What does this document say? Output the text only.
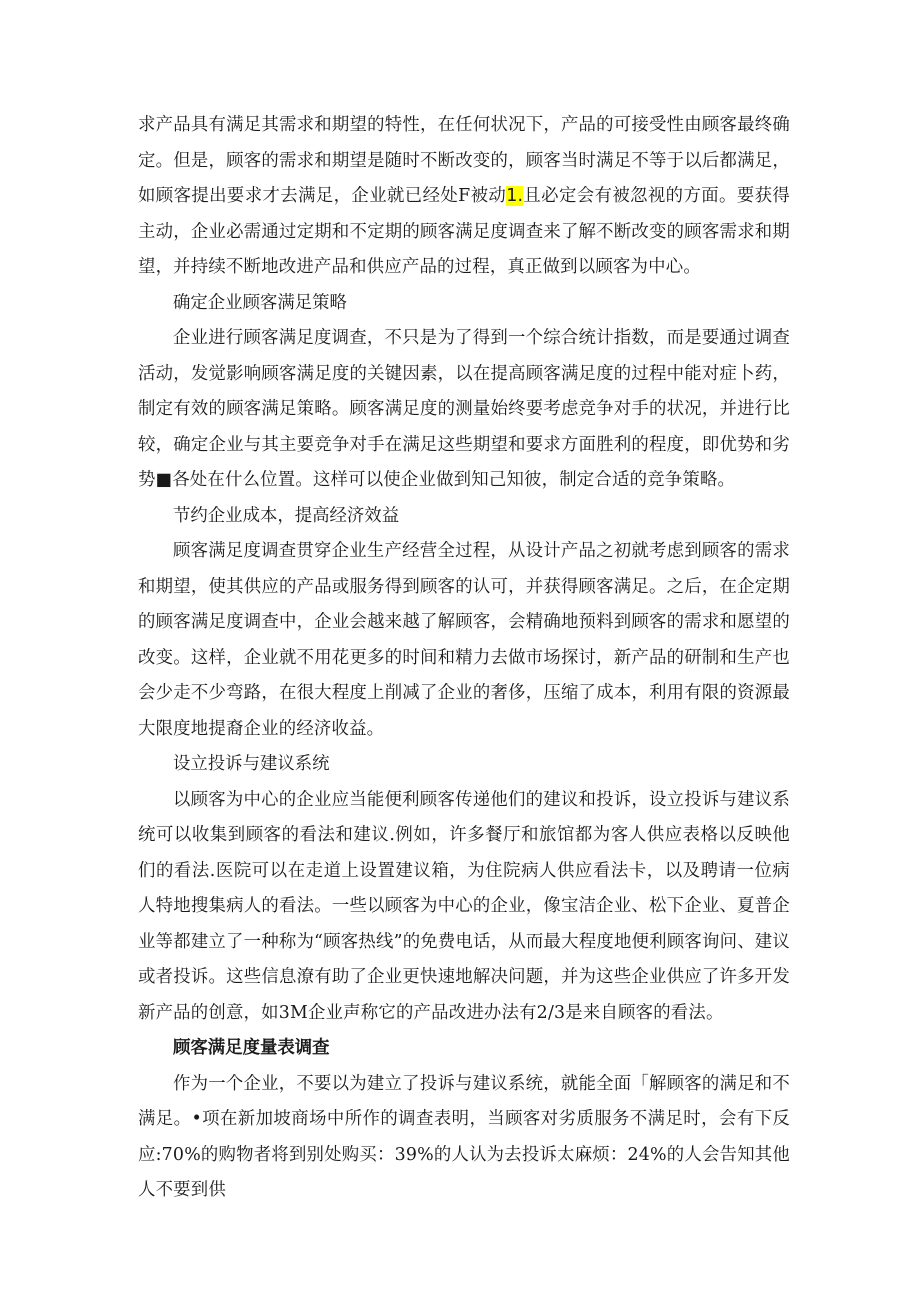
求产品具有满足其需求和期望的特性，在任何状况下，产品的可接受性由顾客最终确定。但是，顾客的需求和期望是随时不断改变的，顾客当时满足不等于以后都满足，如顾客提出要求才去满足，企业就已经处F被动1.且必定会有被忽视的方面。要获得主动，企业必需通过定期和不定期的顾客满足度调查来了解不断改变的顾客需求和期望，并持续不断地改进产品和供应产品的过程，真正做到以顾客为中心。

确定企业顾客满足策略

企业进行顾客满足度调查，不只是为了得到一个综合统计指数，而是要通过调查活动，发觉影响顾客满足度的关键因素，以在提高顾客满足度的过程中能对症卜药，制定有效的顾客满足策略。顾客满足度的测量始终要考虑竞争对手的状况，并进行比较，确定企业与其主要竞争对手在满足这些期望和要求方面胜利的程度，即优势和劣势■各处在什么位置。这样可以使企业做到知己知彼，制定合适的竞争策略。

节约企业成本，提高经济效益

顾客满足度调查贯穿企业生产经营全过程，从设计产品之初就考虑到顾客的需求和期望，使其供应的产品或服务得到顾客的认可，并获得顾客满足。之后，在企定期的顾客满足度调查中，企业会越来越了解顾客，会精确地预料到顾客的需求和愿望的改变。这样，企业就不用花更多的时间和精力去做市场探讨，新产品的研制和生产也会少走不少弯路，在很大程度上削减了企业的奢侈，压缩了成本，利用有限的资源最大限度地提裔企业的经济收益。

设立投诉与建议系统

以顾客为中心的企业应当能便利顾客传递他们的建议和投诉，设立投诉与建议系统可以收集到顾客的看法和建议.例如，许多餐厅和旅馆都为客人供应表格以反映他们的看法.医院可以在走道上设置建议箱，为住院病人供应看法卡，以及聘请一位病人特地搜集病人的看法。一些以顾客为中心的企业，像宝洁企业、松下企业、夏普企业等都建立了一种称为“顾客热线”的免费电话，从而最大程度地便利顾客询问、建议或者投诉。这些信息潦有助了企业更快速地解决问题，并为这些企业供应了许多开发新产品的创意，如3M企业声称它的产品改进办法有2/3是来自顾客的看法。

顾客满足度量表调查

作为一个企业，不要以为建立了投诉与建议系统，就能全面「解顾客的满足和不满足。•项在新加坡商场中所作的调查表明，当顾客对劣质服务不满足时，会有下反应:70%的购物者将到别处购买：39%的人认为去投诉太麻烦：24%的人会告知其他人不要到供
